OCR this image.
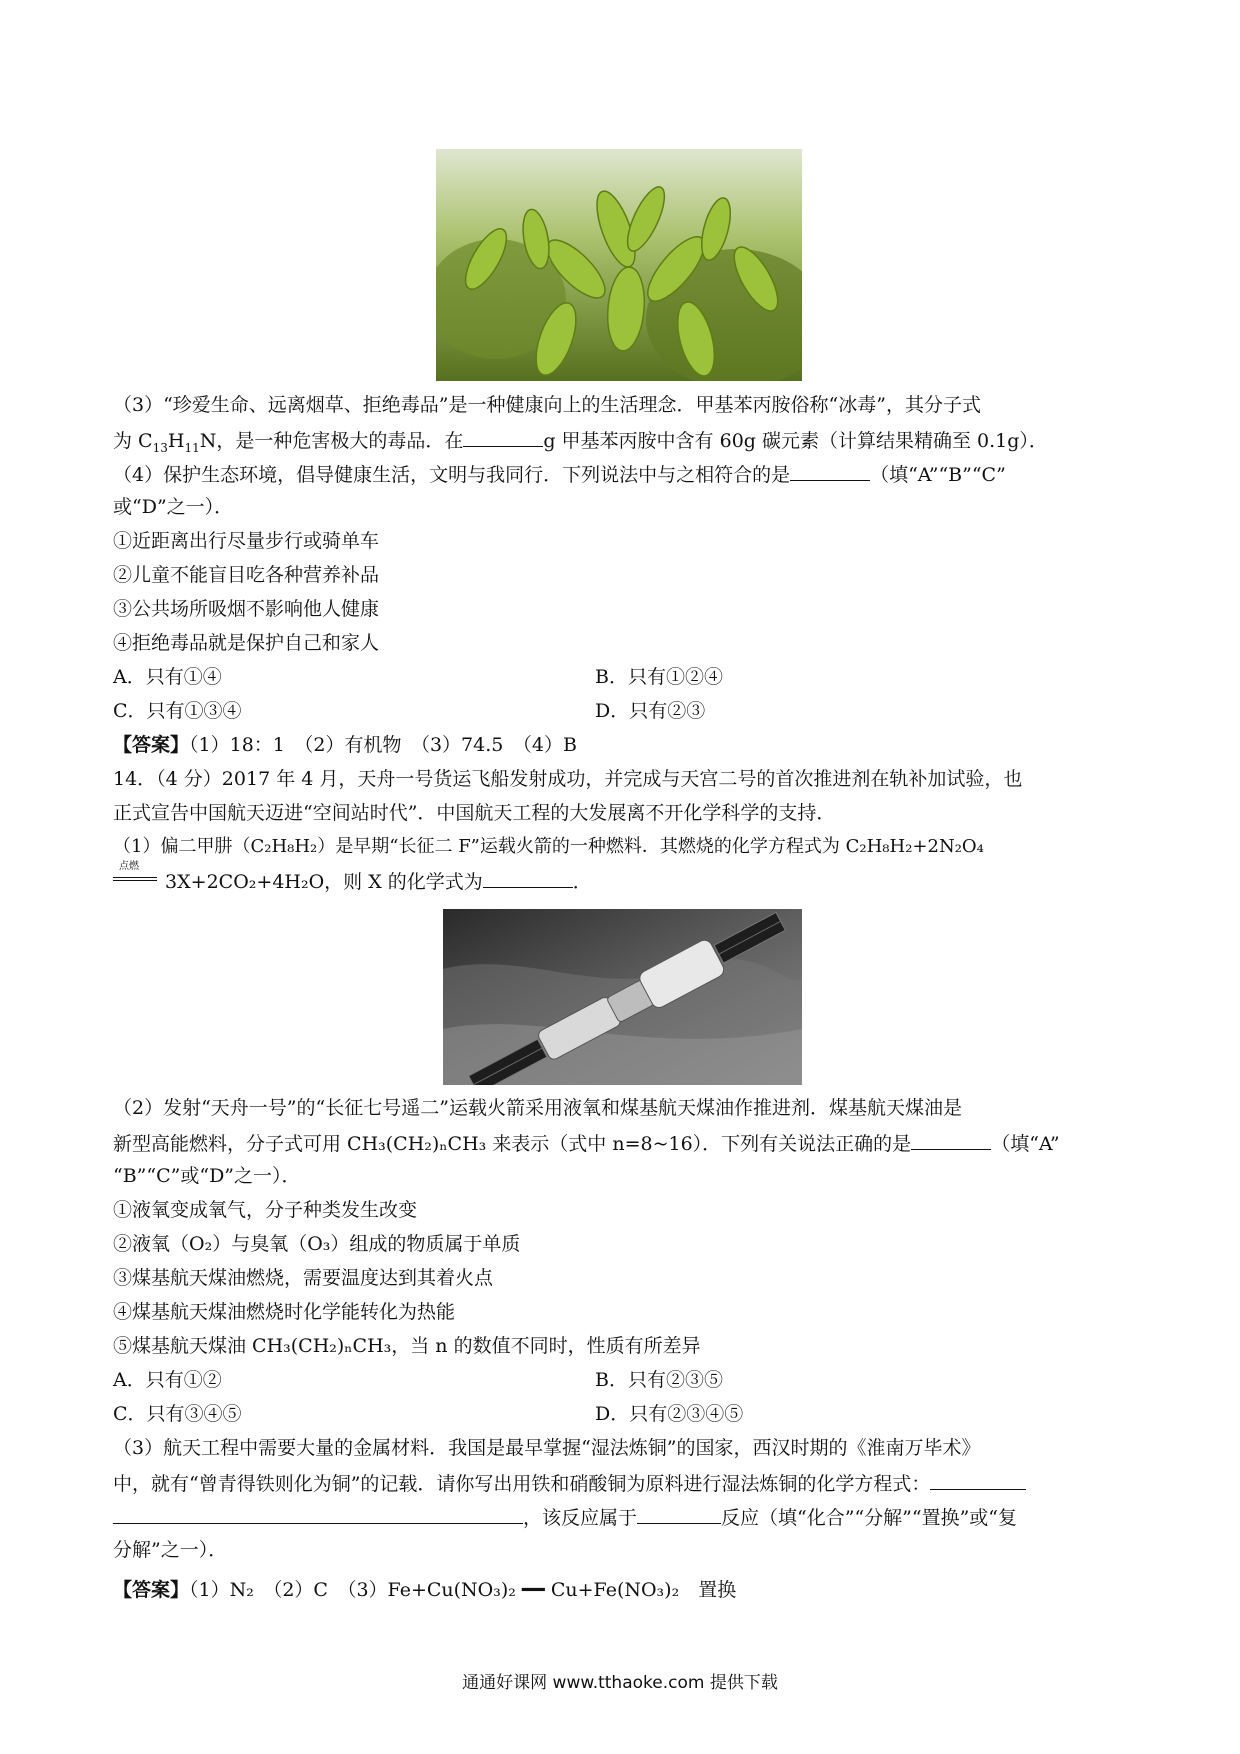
（3）“珍爱生命、远离烟草、拒绝毒品”是一种健康向上的生活理念．甲基苯丙胺俗称“冰毒”，其分子式
为 $C_{13}H_{11}N$，是一种危害极大的毒品．在	g 甲基苯丙胺中含有 60g 碳元素（计算结果精确至 0.1g）．
（4）保护生态环境，倡导健康生活，文明与我同行．下列说法中与之相符合的是	（填“A”“B”“C”
或“D”之一）．
①近距离出行尽量步行或骑单车
②儿童不能盲目吃各种营养补品
③公共场所吸烟不影响他人健康
④拒绝毒品就是保护自己和家人
A．只有①④	B．只有①②④
C．只有①③④	D．只有②③
【答案】（1）18：1　（2）有机物　（3）74.5　（4）B
14．（4 分）2017 年 4 月，天舟一号货运飞船发射成功，并完成与天宫二号的首次推进剂在轨补加试验，也
正式宣告中国航天迈进“空间站时代”．中国航天工程的大发展离不开化学科学的支持．
（1）偏二甲肼（C₂H₈H₂）是早期“长征二 F”运载火箭的一种燃料．其燃烧的化学方程式为 C₂H₈H₂+2N₂O₄
点燃
3X+2CO₂+4H₂O，则 X 的化学式为	．
（2）发射“天舟一号”的“长征七号遥二”运载火箭采用液氧和煤基航天煤油作推进剂．煤基航天煤油是
新型高能燃料，分子式可用 CH₃(CH₂)ₙCH₃ 来表示（式中 n=8~16）．下列有关说法正确的是	（填“A”
“B”“C”或“D”之一）．
①液氧变成氧气，分子种类发生改变
②液氧（O₂）与臭氧（O₃）组成的物质属于单质
③煤基航天煤油燃烧，需要温度达到其着火点
④煤基航天煤油燃烧时化学能转化为热能
⑤煤基航天煤油 CH₃(CH₂)ₙCH₃，当 n 的数值不同时，性质有所差异
A．只有①②	B．只有②③⑤
C．只有③④⑤	D．只有②③④⑤
（3）航天工程中需要大量的金属材料．我国是最早掌握“湿法炼铜”的国家，西汉时期的《淮南万毕术》
中，就有“曾青得铁则化为铜”的记载．请你写出用铁和硝酸铜为原料进行湿法炼铜的化学方程式：
，该反应属于	反应（填“化合”“分解”“置换”或“复
分解”之一）．
【答案】（1）N₂　（2）C　（3）Fe+Cu(NO₃)₂ ━━ Cu+Fe(NO₃)₂　置换
通通好课网 www.tthaoke.com 提供下载
